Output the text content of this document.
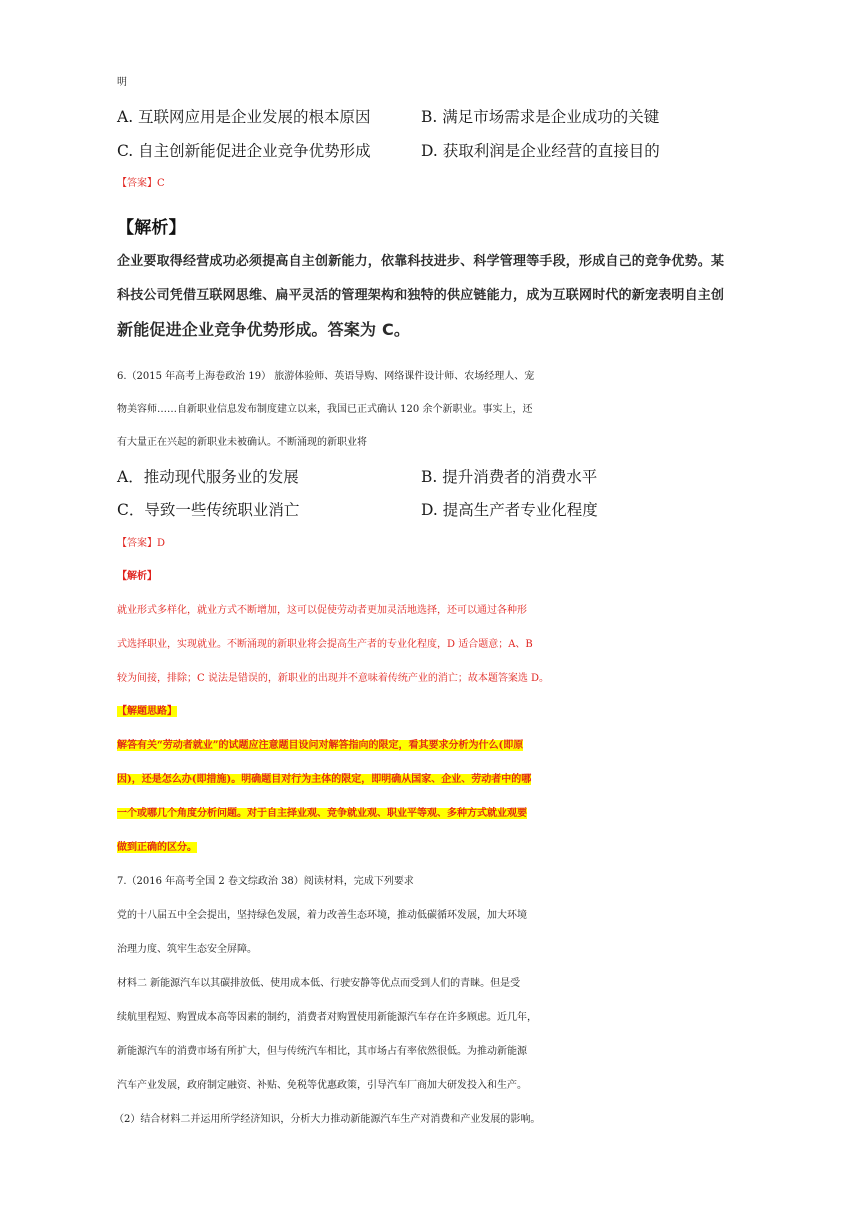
明
A. 互联网应用是企业发展的根本原因	B. 满足市场需求是企业成功的关键
C. 自主创新能促进企业竞争优势形成	D. 获取利润是企业经营的直接目的
【答案】C
【解析】
企业要取得经营成功必须提高自主创新能力，依靠科技进步、科学管理等手段，形成自己的竞争优势。某
科技公司凭借互联网思维、扁平灵活的管理架构和独特的供应链能力，成为互联网时代的新宠表明自主创
新能促进企业竞争优势形成。答案为 C。
6.（2015 年高考上海卷政治 19） 旅游体验师、英语导购、网络课件设计师、农场经理人、宠
物美容师……自新职业信息发布制度建立以来，我国已正式确认 120 余个新职业。事实上，还
有大量正在兴起的新职业未被确认。不断涌现的新职业将
A．推动现代服务业的发展	B. 提升消费者的消费水平
C．导致一些传统职业消亡	D. 提高生产者专业化程度
【答案】D
【解析】
就业形式多样化，就业方式不断增加，这可以促使劳动者更加灵活地选择，还可以通过各种形
式选择职业，实现就业。不断涌现的新职业将会提高生产者的专业化程度，D 适合题意；A、B
较为间接，排除；C 说法是错误的，新职业的出现并不意味着传统产业的消亡；故本题答案选 D。
【解题思路】
解答有关“劳动者就业”的试题应注意题目设问对解答指向的限定，看其要求分析为什么(即原
因)，还是怎么办(即措施)。明确题目对行为主体的限定，即明确从国家、企业、劳动者中的哪
一个或哪几个角度分析问题。对于自主择业观、竞争就业观、职业平等观、多种方式就业观要
做到正确的区分。
7.（2016 年高考全国 2 卷文综政治 38）阅读材料，完成下列要求
党的十八届五中全会提出，坚持绿色发展，着力改善生态环境，推动低碳循环发展，加大环境
治理力度、筑牢生态安全屏障。
材料二 新能源汽车以其碳排放低、使用成本低、行驶安静等优点而受到人们的青睐。但是受
续航里程短、购置成本高等因素的制约，消费者对购置使用新能源汽车存在许多顾虑。近几年，
新能源汽车的消费市场有所扩大，但与传统汽车相比，其市场占有率依然很低。为推动新能源
汽车产业发展，政府制定融资、补贴、免税等优惠政策，引导汽车厂商加大研发投入和生产。
（2）结合材料二并运用所学经济知识，分析大力推动新能源汽车生产对消费和产业发展的影响。
